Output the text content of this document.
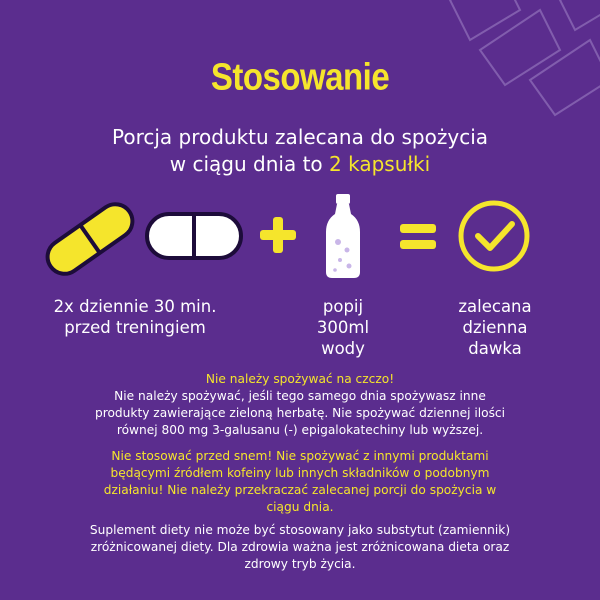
Stosowanie
Porcja produktu zalecana do spożycia
w ciągu dnia to 2 kapsułki
2x dziennie 30 min.
przed treningiem
popij
300ml
wody
zalecana
dzienna
dawka
Nie należy spożywać na czczo!
Nie należy spożywać, jeśli tego samego dnia spożywasz inne
produkty zawierające zieloną herbatę. Nie spożywać dziennej ilości
równej 800 mg 3-galusanu (-) epigalokatechiny lub wyższej.
Nie stosować przed snem! Nie spożywać z innymi produktami
będącymi źródłem kofeiny lub innych składników o podobnym
działaniu! Nie należy przekraczać zalecanej porcji do spożycia w
ciągu dnia.
Suplement diety nie może być stosowany jako substytut (zamiennik)
zróżnicowanej diety. Dla zdrowia ważna jest zróżnicowana dieta oraz
zdrowy tryb życia.
